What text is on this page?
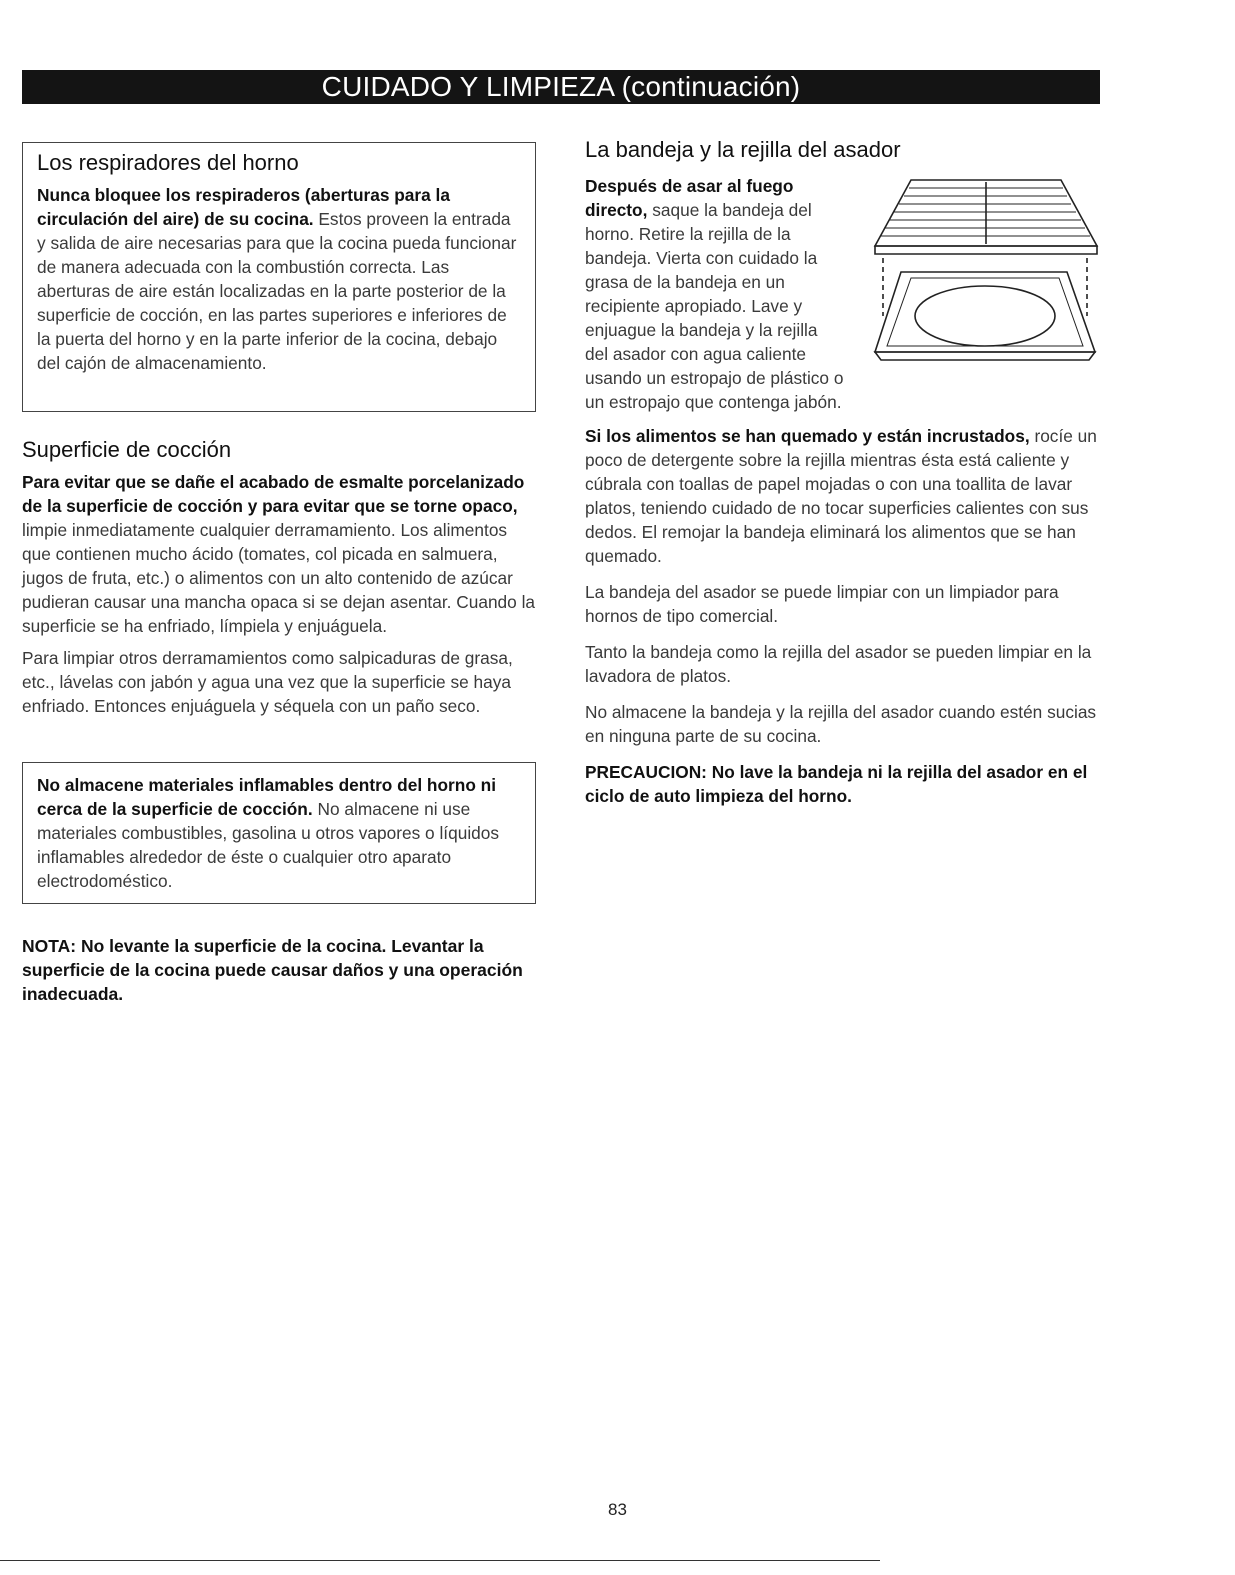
CUIDADO Y LIMPIEZA (continuación)
Los respiradores del horno

Nunca bloquee los respiraderos (aberturas para la circulación del aire) de su cocina. Estos proveen la entrada y salida de aire necesarias para que la cocina pueda funcionar de manera adecuada con la combustión correcta. Las aberturas de aire están localizadas en la parte posterior de la superficie de cocción, en las partes superiores e inferiores de la puerta del horno y en la parte inferior de la cocina, debajo del cajón de almacenamiento.

Superficie de cocción

Para evitar que se dañe el acabado de esmalte porcelanizado de la superficie de cocción y para evitar que se torne opaco, limpie inmediatamente cualquier derramamiento. Los alimentos que contienen mucho ácido (tomates, col picada en salmuera, jugos de fruta, etc.) o alimentos con un alto contenido de azúcar pudieran causar una mancha opaca si se dejan asentar. Cuando la superficie se ha enfriado, límpiela y enjuáguela.

Para limpiar otros derramamientos como salpicaduras de grasa, etc., lávelas con jabón y agua una vez que la superficie se haya enfriado. Entonces enjuáguela y séquela con un paño seco.

No almacene materiales inflamables dentro del horno ni cerca de la superficie de cocción. No almacene ni use materiales combustibles, gasolina u otros vapores o líquidos inflamables alrededor de éste o cualquier otro aparato electrodoméstico.

NOTA: No levante la superficie de la cocina. Levantar la superficie de la cocina puede causar daños y una operación inadecuada.
La bandeja y la rejilla del asador

Después de asar al fuego directo, saque la bandeja del horno. Retire la rejilla de la bandeja. Vierta con cuidado la grasa de la bandeja en un recipiente apropiado. Lave y enjuague la bandeja y la rejilla del asador con agua caliente usando un estropajo de plástico o un estropajo que contenga jabón.

Si los alimentos se han quemado y están incrustados, rocíe un poco de detergente sobre la rejilla mientras ésta está caliente y cúbrala con toallas de papel mojadas o con una toallita de lavar platos, teniendo cuidado de no tocar superficies calientes con sus dedos. El remojar la bandeja eliminará los alimentos que se han quemado.

La bandeja del asador se puede limpiar con un limpiador para hornos de tipo comercial.

Tanto la bandeja como la rejilla del asador se pueden limpiar en la lavadora de platos.

No almacene la bandeja y la rejilla del asador cuando estén sucias en ninguna parte de su cocina.

PRECAUCION: No lave la bandeja ni la rejilla del asador en el ciclo de auto limpieza del horno.

83
